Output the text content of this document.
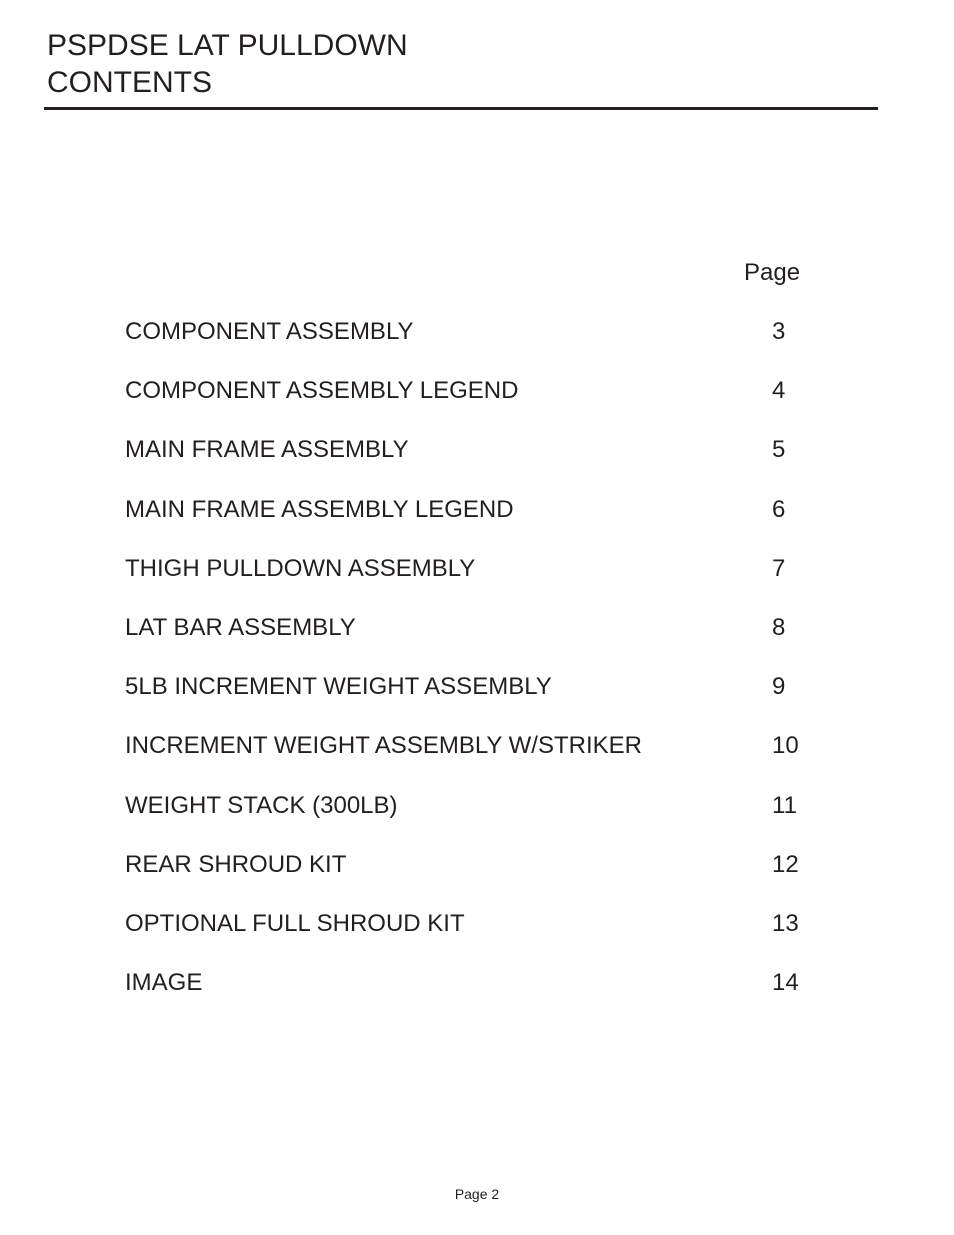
PSPDSE LAT PULLDOWN
CONTENTS
Page
COMPONENT ASSEMBLY	3
COMPONENT ASSEMBLY LEGEND	4
MAIN FRAME ASSEMBLY	5
MAIN FRAME ASSEMBLY LEGEND	6
THIGH PULLDOWN ASSEMBLY	7
LAT BAR ASSEMBLY	8
5LB INCREMENT WEIGHT ASSEMBLY	9
INCREMENT WEIGHT ASSEMBLY W/STRIKER	10
WEIGHT STACK (300LB)	11
REAR SHROUD KIT	12
OPTIONAL FULL SHROUD KIT	13
IMAGE	14
Page 2
